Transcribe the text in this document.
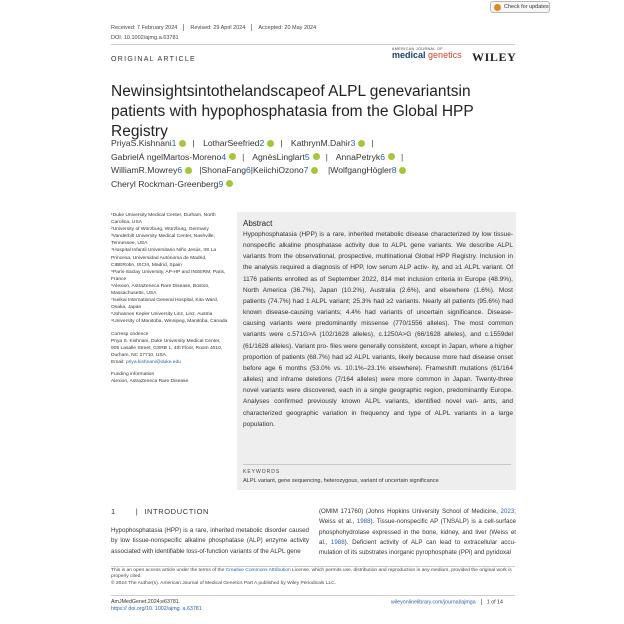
Check for updates
Received: 7 February 2024 Revised: 29 April 2024 Accepted: 20 May 2024
DOI: 10.1002/ajmg.a.63781
ORIGINAL ARTICLE
AMERICAN JOURNAL OF
medical genetics WILEY
Newinsightsintothelandscapeof ALPL genevariantsin
patients with hypophosphatasia from the Global HPP Registry
PriyaS.Kishnani1 | LotharSeefried2 | KathrynM.Dahir3 |
GabrielÁ ngelMartos-Moreno4 | AgnèsLinglart5 | AnnaPetryk6 |
WilliamR.Mowrey6 |ShonaFang6|KeiichiOzono7 |WolfgangHögler8
Cheryl Rockman-Greenberg9
¹Duke University Medical Center, Durham, North Carolina, USA
²University of Würzburg, Würzburg, Germany
³Vanderbilt University Medical Center, Nashville, Tennessee, USA
⁴Hospital Infantil Universitario Niño Jesús, IIS La Princesa, Universidad Autónoma de Madrid, CIBERobn, ISCIII, Madrid, Spain
⁵Paris-Saclay University, AP-HP and INSERM, Paris, France
⁶Alexion, AstraZeneca Rare Disease, Boston, Massachusetts, USA
⁷Iseikai International General Hospital, Kita Ward, Osaka, Japan
⁸Johannes Kepler University Linz, Linz, Austria
⁹University of Manitoba, Winnipeg, Manitoba, Canada
Corresp ondence
Priya S. Kishnani, Duke University Medical Center, 905 Lasalle Street, GSRB 1, 4th Floor, Room 4010, Durham, NC 27710, USA.
Email: priya.kishnani@duke.edu
Funding information
Alexion, AstraZeneca Rare Disease
Abstract
Hypophosphatasia (HPP) is a rare, inherited metabolic disease characterized by low tissue-nonspecific alkaline phosphatase activity due to ALPL gene variants. We describe ALPL variants from the observational, prospective, multinational Global HPP Registry. Inclusion in the analysis required a diagnosis of HPP, low serum ALP activ- ity, and ≥1 ALPL variant. Of 1176 patients enrolled as of September 2022, 814 met inclusion criteria in Europe (48.9%), North America (36.7%), Japan (10.2%), Australia (2.6%), and elsewhere (1.6%). Most patients (74.7%) had 1 ALPL variant; 25.3% had ≥2 variants. Nearly all patients (95.6%) had known disease-causing variants; 4.4% had variants of uncertain significance. Disease-causing variants were predominantly missense (770/1556 alleles). The most common variants were c.571G>A (102/1628 alleles), c.1250A>G (66/1628 alleles), and c.1559del (61/1628 alleles). Variant pro- files were generally consistent, except in Japan, where a higher proportion of patients (68.7%) had ≥2 ALPL variants, likely because more had disease onset before age 6 months (53.0% vs. 10.1%–23.1% elsewhere). Frameshift mutations (61/164 alleles) and inframe deletions (7/164 alleles) were more common in Japan. Twenty-three novel variants were discovered, each in a single geographic region, predominantly Europe. Analyses confirmed previously known ALPL variants, identified novel vari- ants, and characterized geographic variation in frequency and type of ALPL variants in a large population.
KEYWORDS
ALPL variant, gene sequencing, heterozygous, variant of uncertain significance
1	| INTRODUCTION
Hypophosphatasia (HPP) is a rare, inherited metabolic disorder caused by low tissue-nonspecific alkaline phosphatase (ALP) enzyme activity associated with identifiable loss-of-function variants of the ALPL gene
(OMIM 171760) (Johns Hopkins University School of Medicine, 2023; Weiss et al., 1988). Tissue-nonspecific AP (TNSALP) is a cell-surface phosphohydrolase expressed in the bone, kidney, and liver (Weiss et al., 1988). Deficient activity of ALP can lead to extracellular accu- mulation of its substrates inorganic pyrophosphate (PPi) and pyridoxal
This is an open access article under the terms of the Creative Commons Attribution License, which permits use, distribution and reproduction in any medium, provided the original work is properly cited.
© 2024 The Author(s). American Journal of Medical Genetics Part A published by Wiley Periodicals LLC.
AmJMedGenet.2024;e63781.
https:// doi.org/10. 1002/ajmg. a.63781
wileyonlinelibrary.com/journal/ajmga 1 of 14
